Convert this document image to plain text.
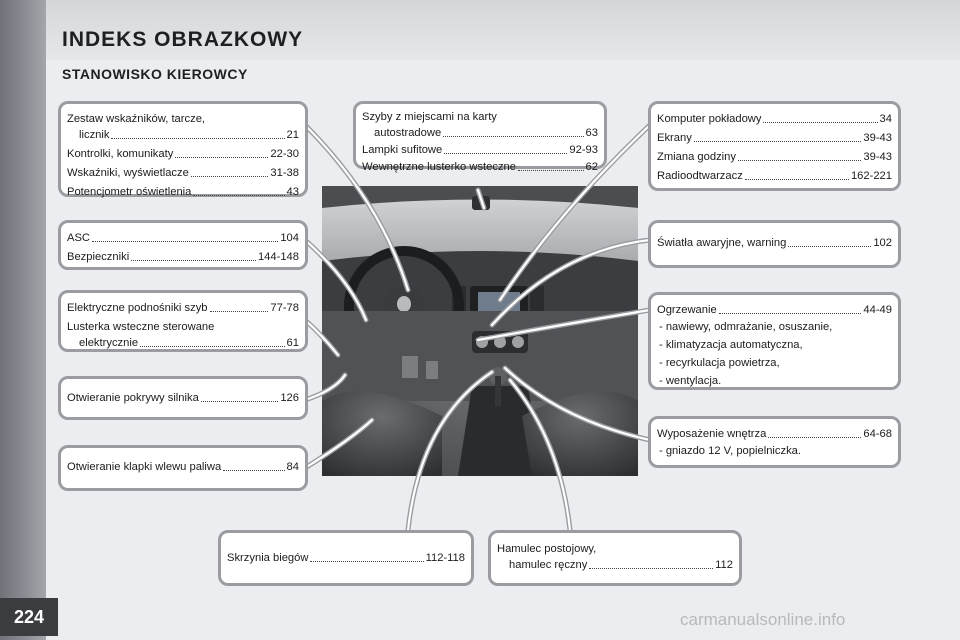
INDEKS OBRAZKOWY
STANOWISKO KIEROWCY
Zestaw wskaźników, tarcze,
licznik	21
Kontrolki, komunikaty	22-30
Wskaźniki, wyświetlacze	31-38
Potencjometr oświetlenia	43
ASC	104
Bezpieczniki	144-148
Elektryczne podnośniki szyb	77-78
Lusterka wsteczne sterowane
elektrycznie	61
Otwieranie pokrywy silnika	126
Otwieranie klapki wlewu paliwa	84
Szyby z miejscami na karty
autostradowe	63
Lampki sufitowe	92-93
Wewnętrzne lusterko wsteczne	62
Komputer pokładowy	34
Ekrany	39-43
Zmiana godziny	39-43
Radioodtwarzacz	162-221
Światła awaryjne, warning	102
Ogrzewanie	44-49
- nawiewy, odmrażanie, osuszanie,
- klimatyzacja automatyczna,
- recyrkulacja powietrza,
- wentylacja.
Wyposażenie wnętrza	64-68
- gniazdo 12 V, popielniczka.
Skrzynia biegów	112-118
Hamulec postojowy,
hamulec ręczny	112
224	carmanualsonline.info
